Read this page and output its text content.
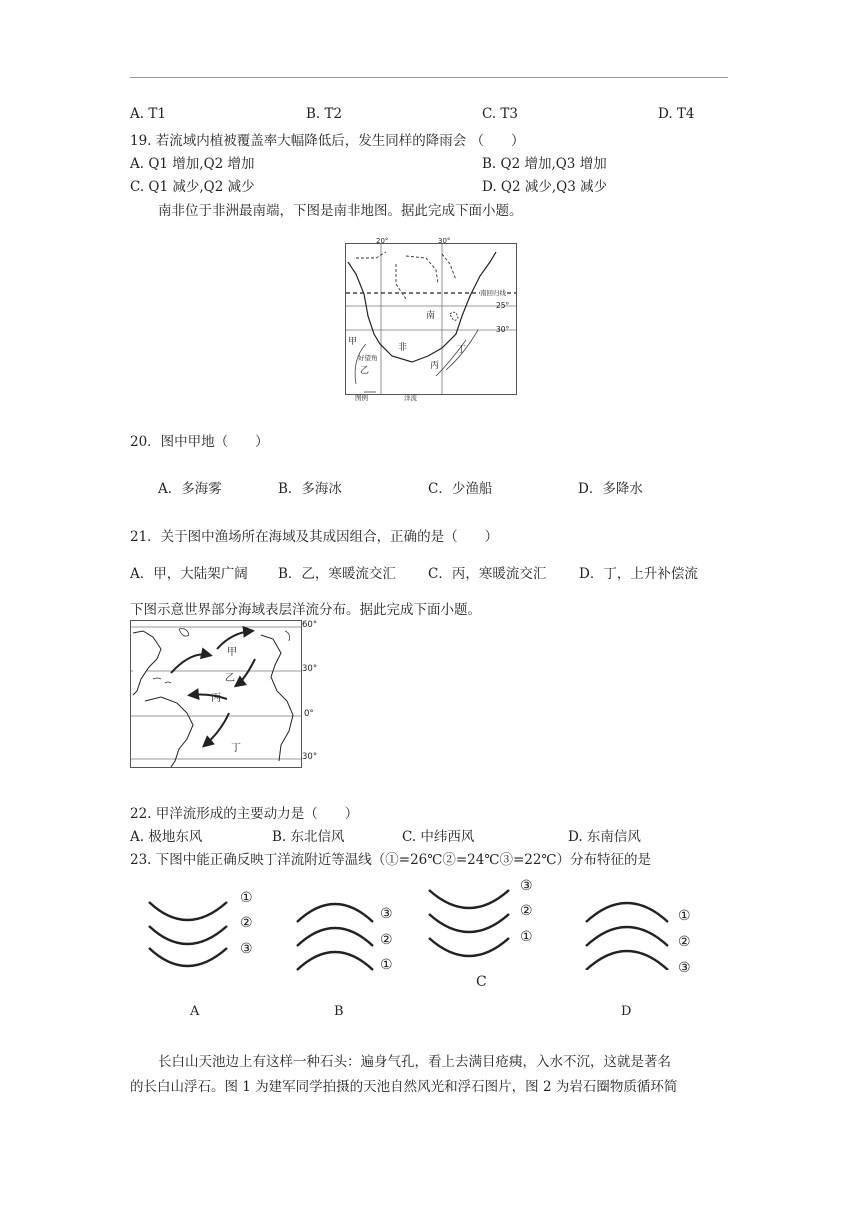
A. T1	B. T2	C. T3	D. T4
19. 若流域内植被覆盖率大幅降低后，发生同样的降雨会 （　　）
A. Q1 增加,Q2 增加	B. Q2 增加,Q3 增加
C. Q1 减少,Q2 减少	D. Q2 减少,Q3 减少
南非位于非洲最南端，下图是南非地图。据此完成下面小题。
20°	30°
南回归线
25°
30°
南
非
甲
乙	丙
丁
好望角
图例	洋流
20．图中甲地（　　）
A．多海雾	B．多海冰	C．少渔船	D．多降水
21．关于图中渔场所在海域及其成因组合，正确的是（　　）
A．甲，大陆架广阔 B．乙，寒暖流交汇 C．丙，寒暖流交汇 D．丁，上升补偿流
下图示意世界部分海域表层洋流分布。据此完成下面小题。
甲
乙
丙
丁
60°
30°
0°
30°
22. 甲洋流形成的主要动力是（　　）
A. 极地东风	B. 东北信风	C. 中纬西风	D. 东南信风
23. 下图中能正确反映丁洋流附近等温线（①=26℃②=24℃③=22℃）分布特征的是
①
②
③
A
③
②
①
B
③
②
①
C
①
②
③
D
长白山天池边上有这样一种石头：遍身气孔，看上去满目疮痍，入水不沉，这就是著名
的长白山浮石。图 1 为建军同学拍摄的天池自然风光和浮石图片，图 2 为岩石圈物质循环简
